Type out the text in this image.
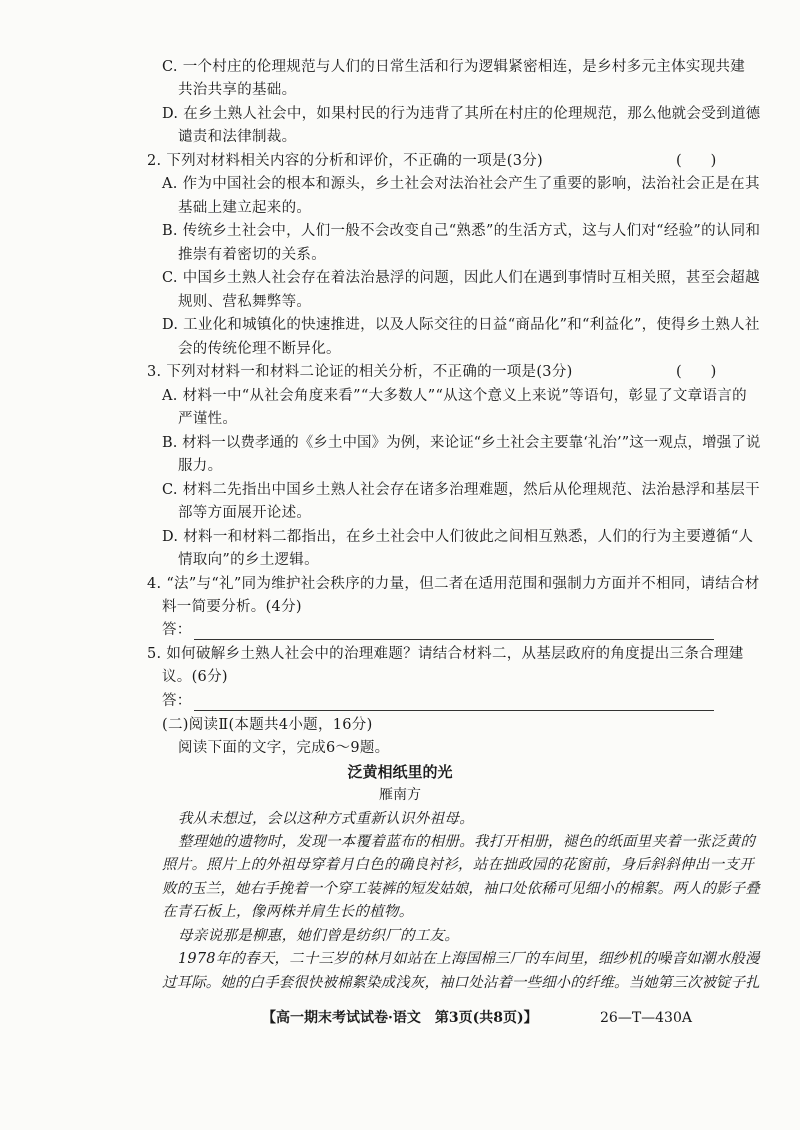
C. 一个村庄的伦理规范与人们的日常生活和行为逻辑紧密相连，是乡村多元主体实现共建
共治共享的基础。
D. 在乡土熟人社会中，如果村民的行为违背了其所在村庄的伦理规范，那么他就会受到道德
谴责和法律制裁。
2. 下列对材料相关内容的分析和评价，不正确的一项是(3分)	(　　)
A. 作为中国社会的根本和源头，乡土社会对法治社会产生了重要的影响，法治社会正是在其
基础上建立起来的。
B. 传统乡土社会中，人们一般不会改变自己“熟悉”的生活方式，这与人们对“经验”的认同和
推崇有着密切的关系。
C. 中国乡土熟人社会存在着法治悬浮的问题，因此人们在遇到事情时互相关照，甚至会超越
规则、营私舞弊等。
D. 工业化和城镇化的快速推进，以及人际交往的日益“商品化”和“利益化”，使得乡土熟人社
会的传统伦理不断异化。
3. 下列对材料一和材料二论证的相关分析，不正确的一项是(3分)	(　　)
A. 材料一中“从社会角度来看”“大多数人”“从这个意义上来说”等语句，彰显了文章语言的
严谨性。
B. 材料一以费孝通的《乡土中国》为例，来论证“乡土社会主要靠‘礼治’”这一观点，增强了说
服力。
C. 材料二先指出中国乡土熟人社会存在诸多治理难题，然后从伦理规范、法治悬浮和基层干
部等方面展开论述。
D. 材料一和材料二都指出，在乡土社会中人们彼此之间相互熟悉，人们的行为主要遵循“人
情取向”的乡土逻辑。
4. “法”与“礼”同为维护社会秩序的力量，但二者在适用范围和强制力方面并不相同，请结合材
料一简要分析。(4分)
答：
5. 如何破解乡土熟人社会中的治理难题？请结合材料二，从基层政府的角度提出三条合理建
议。(6分)
答：
(二)阅读Ⅱ(本题共4小题，16分)
阅读下面的文字，完成6～9题。
泛黄相纸里的光
雁南方
我从未想过，会以这种方式重新认识外祖母。
整理她的遗物时，发现一本覆着蓝布的相册。我打开相册，褪色的纸面里夹着一张泛黄的
照片。照片上的外祖母穿着月白色的确良衬衫，站在拙政园的花窗前，身后斜斜伸出一支开
败的玉兰，她右手挽着一个穿工装裤的短发姑娘，袖口处依稀可见细小的棉絮。两人的影子叠
在青石板上，像两株并肩生长的植物。
母亲说那是柳惠，她们曾是纺织厂的工友。
1978年的春天，二十三岁的林月如站在上海国棉三厂的车间里，细纱机的噪音如潮水般漫
过耳际。她的白手套很快被棉絮染成浅灰，袖口处沾着一些细小的纤维。当她第三次被锭子扎
【高一期末考试试卷·语文　第3页(共8页)】	26—T—430A
